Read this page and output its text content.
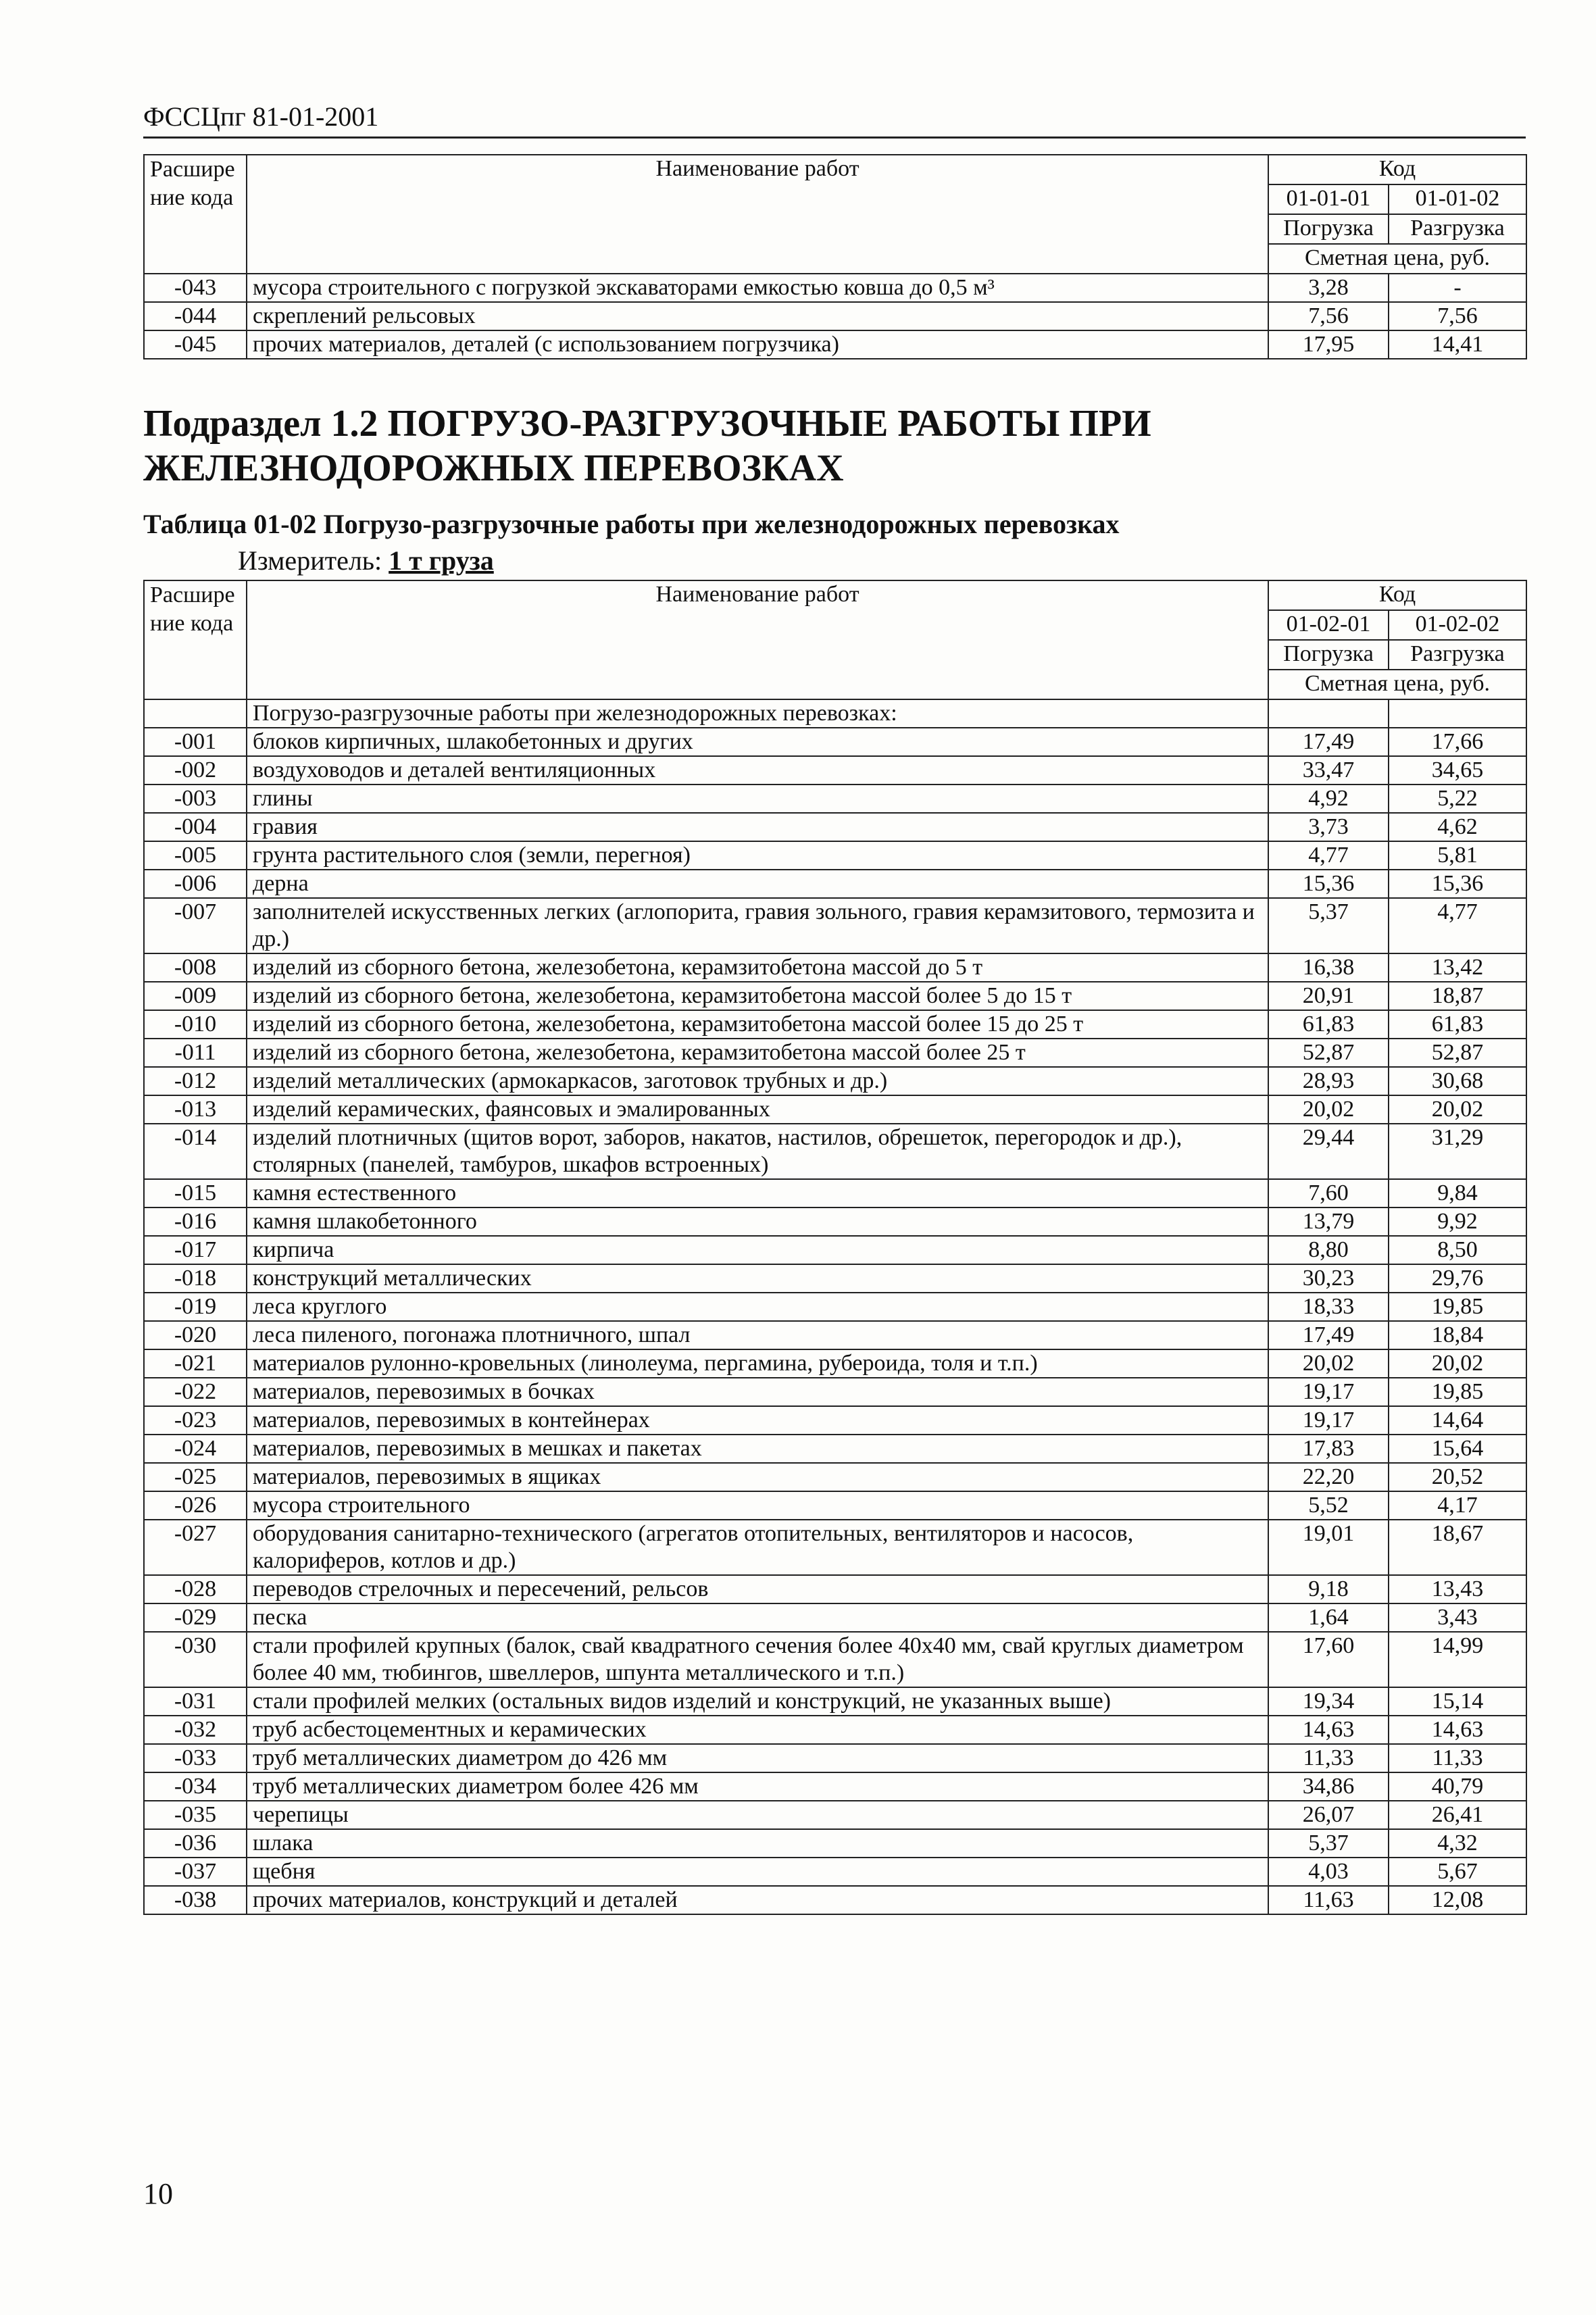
ФССЦпг 81-01-2001
Расшире ние кода	Наименование работ	Код	
		01-01-01	01-01-02
		Погрузка	Разгрузка
		Сметная цена, руб.	
-043	мусора строительного с погрузкой экскаваторами емкостью ковша до 0,5 м³	3,28	-
-044	скреплений рельсовых	7,56	7,56
-045	прочих материалов, деталей (с использованием погрузчика)	17,95	14,41
Подраздел 1.2 ПОГРУЗО-РАЗГРУЗОЧНЫЕ РАБОТЫ ПРИ ЖЕЛЕЗНОДОРОЖНЫХ ПЕРЕВОЗКАХ
Таблица 01-02 Погрузо-разгрузочные работы при железнодорожных перевозках
Измеритель: 1 т груза
Расшире ние кода	Наименование работ	Код	
		01-02-01	01-02-02
		Погрузка	Разгрузка
		Сметная цена, руб.	
	Погрузо-разгрузочные работы при железнодорожных перевозках:		
-001	блоков кирпичных, шлакобетонных и других	17,49	17,66
-002	воздуховодов и деталей вентиляционных	33,47	34,65
-003	глины	4,92	5,22
-004	гравия	3,73	4,62
-005	грунта растительного слоя (земли, перегноя)	4,77	5,81
-006	дерна	15,36	15,36
-007	заполнителей искусственных легких (аглопорита, гравия зольного, гравия керамзитового, термозита и др.)	5,37	4,77
-008	изделий из сборного бетона, железобетона, керамзитобетона массой до 5 т	16,38	13,42
-009	изделий из сборного бетона, железобетона, керамзитобетона массой более 5 до 15 т	20,91	18,87
-010	изделий из сборного бетона, железобетона, керамзитобетона массой более 15 до 25 т	61,83	61,83
-011	изделий из сборного бетона, железобетона, керамзитобетона массой более 25 т	52,87	52,87
-012	изделий металлических (армокаркасов, заготовок трубных и др.)	28,93	30,68
-013	изделий керамических, фаянсовых и эмалированных	20,02	20,02
-014	изделий плотничных (щитов ворот, заборов, накатов, настилов, обрешеток, перегородок и др.), столярных (панелей, тамбуров, шкафов встроенных)	29,44	31,29
-015	камня естественного	7,60	9,84
-016	камня шлакобетонного	13,79	9,92
-017	кирпича	8,80	8,50
-018	конструкций металлических	30,23	29,76
-019	леса круглого	18,33	19,85
-020	леса пиленого, погонажа плотничного, шпал	17,49	18,84
-021	материалов рулонно-кровельных (линолеума, пергамина, рубероида, толя и т.п.)	20,02	20,02
-022	материалов, перевозимых в бочках	19,17	19,85
-023	материалов, перевозимых в контейнерах	19,17	14,64
-024	материалов, перевозимых в мешках и пакетах	17,83	15,64
-025	материалов, перевозимых в ящиках	22,20	20,52
-026	мусора строительного	5,52	4,17
-027	оборудования санитарно-технического (агрегатов отопительных, вентиляторов и насосов, калориферов, котлов и др.)	19,01	18,67
-028	переводов стрелочных и пересечений, рельсов	9,18	13,43
-029	песка	1,64	3,43
-030	стали профилей крупных (балок, свай квадратного сечения более 40x40 мм, свай круглых диаметром более 40 мм, тюбингов, швеллеров, шпунта металлического и т.п.)	17,60	14,99
-031	стали профилей мелких (остальных видов изделий и конструкций, не указанных выше)	19,34	15,14
-032	труб асбестоцементных и керамических	14,63	14,63
-033	труб металлических диаметром до 426 мм	11,33	11,33
-034	труб металлических диаметром более 426 мм	34,86	40,79
-035	черепицы	26,07	26,41
-036	шлака	5,37	4,32
-037	щебня	4,03	5,67
-038	прочих материалов, конструкций и деталей	11,63	12,08
10
